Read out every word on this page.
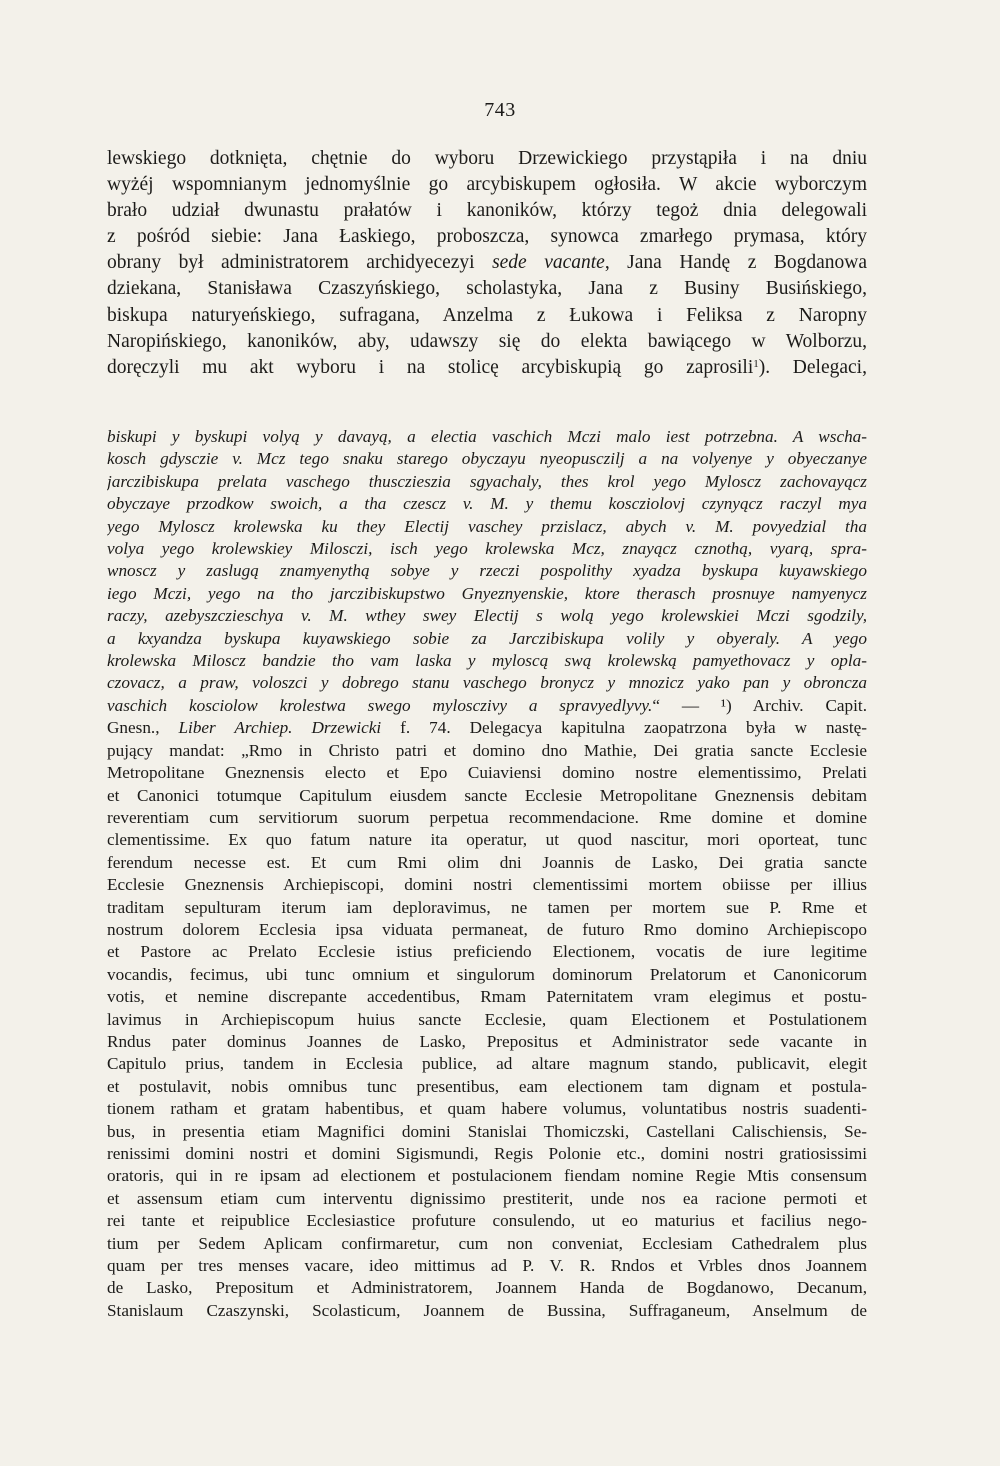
743
lewskiego dotknięta, chętnie do wyboru Drzewickiego przystąpiła i na dniu
wyżéj wspomnianym jednomyślnie go arcybiskupem ogłosiła. W akcie wyborczym
brało udział dwunastu prałatów i kanoników, którzy tegoż dnia delegowali
z pośród siebie: Jana Łaskiego, proboszcza, synowca zmarłego prymasa, który
obrany był administratorem archidyecezyi sede vacante, Jana Handę z Bogdanowa
dziekana, Stanisława Czaszyńskiego, scholastyka, Jana z Businy Busińskiego,
biskupa naturyeńskiego, sufragana, Anzelma z Łukowa i Feliksa z Naropny
Naropińskiego, kanoników, aby, udawszy się do elekta bawiącego w Wolborzu,
doręczyli mu akt wyboru i na stolicę arcybiskupią go zaprosili$^1$). Delegaci,
biskupi y byskupi volyą y davayą, a electia vaschich Mczi malo iest potrzebna. A wscha-
kosch gdysczie v. Mcz tego snaku starego obyczayu nyeopusczilj a na volyenye y obyeczanye
jarczibiskupa prelata vaschego thusczieszia sgyachaly, thes krol yego Myloscz zachovayącz
obyczaye przodkow swoich, a tha czescz v. M. y themu koscziolovj czynyącz raczyl mya
yego Myloscz krolewska ku they Electij vaschey przislacz, abych v. M. povyedzial tha
volya yego krolewskiey Milosczi, isch yego krolewska Mcz, znayącz cznothą, vyarą, spra-
wnoscz y zaslugą znamyenythą sobye y rzeczi pospolithy xyadza byskupa kuyawskiego
iego Mczi, yego na tho jarczibiskupstwo Gnyeznyenskie, ktore therasch prosnuye namyenycz
raczy, azebyszczieschya v. M. wthey swey Electij s wolą yego krolewskiei Mczi sgodzily,
a kxyandza byskupa kuyawskiego sobie za Jarczibiskupa volily y obyeraly. A yego
krolewska Miloscz bandzie tho vam laska y myloscą swą krolewską pamyethovacz y opla-
czovacz, a praw, voloszci y dobrego stanu vaschego bronycz y mnozicz yako pan y obroncza
vaschich kosciolow krolestwa swego mylosczivy a spravyedlyvy.“ — ¹) Archiv. Capit.
Gnesn., Liber Archiep. Drzewicki f. 74. Delegacya kapitulna zaopatrzona była w nastę-
pujący mandat: „Rmo in Christo patri et domino dno Mathie, Dei gratia sancte Ecclesie
Metropolitane Gneznensis electo et Epo Cuiaviensi domino nostre elementissimo, Prelati
et Canonici totumque Capitulum eiusdem sancte Ecclesie Metropolitane Gneznensis debitam
reverentiam cum servitiorum suorum perpetua recommendacione. Rme domine et domine
clementissime. Ex quo fatum nature ita operatur, ut quod nascitur, mori oporteat, tunc
ferendum necesse est. Et cum Rmi olim dni Joannis de Lasko, Dei gratia sancte
Ecclesie Gneznensis Archiepiscopi, domini nostri clementissimi mortem obiisse per illius
traditam sepulturam iterum iam deploravimus, ne tamen per mortem sue P. Rme et
nostrum dolorem Ecclesia ipsa viduata permaneat, de futuro Rmo domino Archiepiscopo
et Pastore ac Prelato Ecclesie istius preficiendo Electionem, vocatis de iure legitime
vocandis, fecimus, ubi tunc omnium et singulorum dominorum Prelatorum et Canonicorum
votis, et nemine discrepante accedentibus, Rmam Paternitatem vram elegimus et postu-
lavimus in Archiepiscopum huius sancte Ecclesie, quam Electionem et Postulationem
Rndus pater dominus Joannes de Lasko, Prepositus et Administrator sede vacante in
Capitulo prius, tandem in Ecclesia publice, ad altare magnum stando, publicavit, elegit
et postulavit, nobis omnibus tunc presentibus, eam electionem tam dignam et postula-
tionem ratham et gratam habentibus, et quam habere volumus, voluntatibus nostris suadenti-
bus, in presentia etiam Magnifici domini Stanislai Thomiczski, Castellani Calischiensis, Se-
renissimi domini nostri et domini Sigismundi, Regis Polonie etc., domini nostri gratiosissimi
oratoris, qui in re ipsam ad electionem et postulacionem fiendam nomine Regie Mtis consensum
et assensum etiam cum interventu dignissimo prestiterit, unde nos ea racione permoti et
rei tante et reipublice Ecclesiastice profuture consulendo, ut eo maturius et facilius nego-
tium per Sedem Aplicam confirmaretur, cum non conveniat, Ecclesiam Cathedralem plus
quam per tres menses vacare, ideo mittimus ad P. V. R. Rndos et Vrbles dnos Joannem
de Lasko, Prepositum et Administratorem, Joannem Handa de Bogdanowo, Decanum,
Stanislaum Czaszynski, Scolasticum, Joannem de Bussina, Suffraganeum, Anselmum de
